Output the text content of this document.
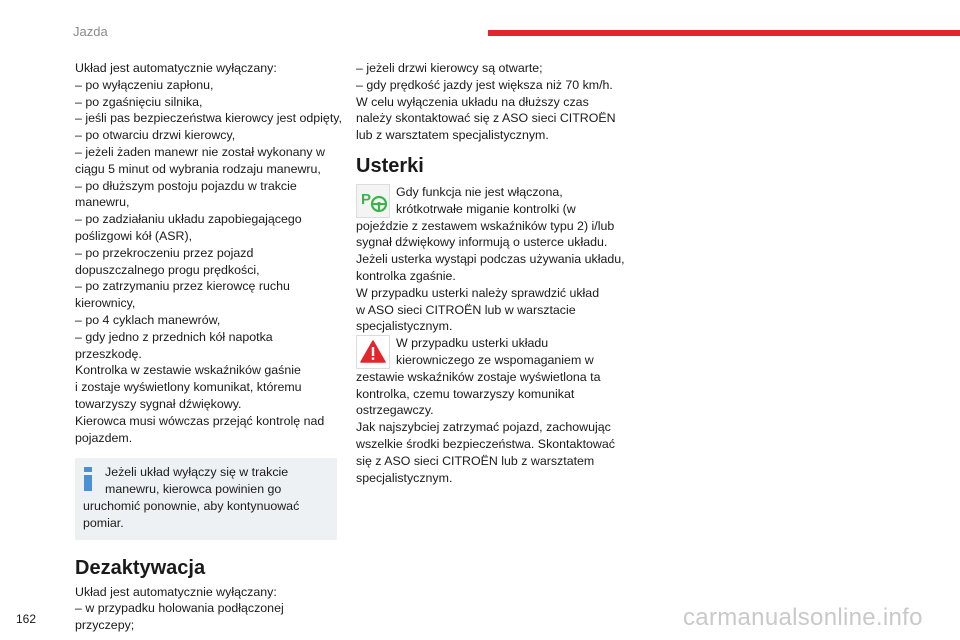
Jazda
Układ jest automatycznie wyłączany:
– po wyłączeniu zapłonu,
– po zgaśnięciu silnika,
– jeśli pas bezpieczeństwa kierowcy jest odpięty,
– po otwarciu drzwi kierowcy,
– jeżeli żaden manewr nie został wykonany w
ciągu 5 minut od wybrania rodzaju manewru,
– po dłuższym postoju pojazdu w trakcie
manewru,
– po zadziałaniu układu zapobiegającego
poślizgowi kół (ASR),
– po przekroczeniu przez pojazd
dopuszczalnego progu prędkości,
– po zatrzymaniu przez kierowcę ruchu
kierownicy,
– po 4 cyklach manewrów,
– gdy jedno z przednich kół napotka
przeszkodę.
Kontrolka w zestawie wskaźników gaśnie
i zostaje wyświetlony komunikat, któremu
towarzyszy sygnał dźwiękowy.
Kierowca musi wówczas przejąć kontrolę nad
pojazdem.
Jeżeli układ wyłączy się w trakcie
manewru, kierowca powinien go
uruchomić ponownie, aby kontynuować
pomiar.
Dezaktywacja
Układ jest automatycznie wyłączany:
– w przypadku holowania podłączonej
przyczepy;
– jeżeli drzwi kierowcy są otwarte;
– gdy prędkość jazdy jest większa niż 70 km/h.
W celu wyłączenia układu na dłuższy czas
należy skontaktować się z ASO sieci CITROËN
lub z warsztatem specjalistycznym.
Usterki
P	Gdy funkcja nie jest włączona,
krótkotrwałe miganie kontrolki (w
pojeździe z zestawem wskaźników typu 2) i/lub
sygnał dźwiękowy informują o usterce układu.
Jeżeli usterka wystąpi podczas używania układu,
kontrolka zgaśnie.
W przypadku usterki należy sprawdzić układ
w ASO sieci CITROËN lub w warsztacie
specjalistycznym.
W przypadku usterki układu
kierowniczego ze wspomaganiem w
zestawie wskaźników zostaje wyświetlona ta
kontrolka, czemu towarzyszy komunikat
ostrzegawczy.
Jak najszybciej zatrzymać pojazd, zachowując
wszelkie środki bezpieczeństwa. Skontaktować
się z ASO sieci CITROËN lub z warsztatem
specjalistycznym.
162	carmanualsonline.info
